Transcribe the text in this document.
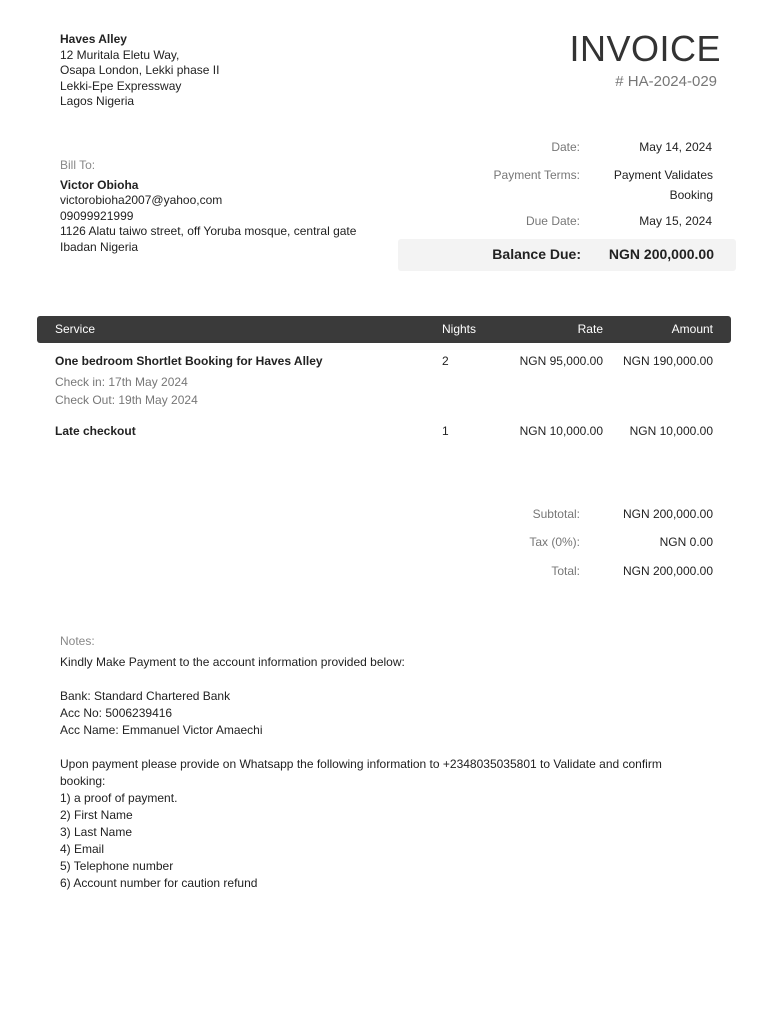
Haves Alley
12 Muritala Eletu Way,
Osapa London, Lekki phase II
Lekki-Epe Expressway
Lagos Nigeria
INVOICE
# HA-2024-029
Date:	May 14, 2024
Payment Terms:	Payment Validates
Booking
Due Date:	May 15, 2024
Balance Due: NGN 200,000.00
Bill To:
Victor Obioha
victorobioha2007@yahoo,com
09099921999
1126 Alatu taiwo street, off Yoruba mosque, central gate
Ibadan Nigeria
Service	Nights	Rate	Amount
One bedroom Shortlet Booking for Haves Alley
Check in: 17th May 2024
Check Out: 19th May 2024
2	NGN 95,000.00 NGN 190,000.00
Late checkout	1	NGN 10,000.00 NGN 10,000.00
Subtotal:	NGN 200,000.00
Tax (0%):	NGN 0.00
Total:	NGN 200,000.00
Notes:
Kindly Make Payment to the account information provided below:
Bank: Standard Chartered Bank
Acc No: 5006239416
Acc Name: Emmanuel Victor Amaechi
Upon payment please provide on Whatsapp the following information to +2348035035801 to Validate and confirm booking:
1) a proof of payment.
2) First Name
3) Last Name
4) Email
5) Telephone number
6) Account number for caution refund
